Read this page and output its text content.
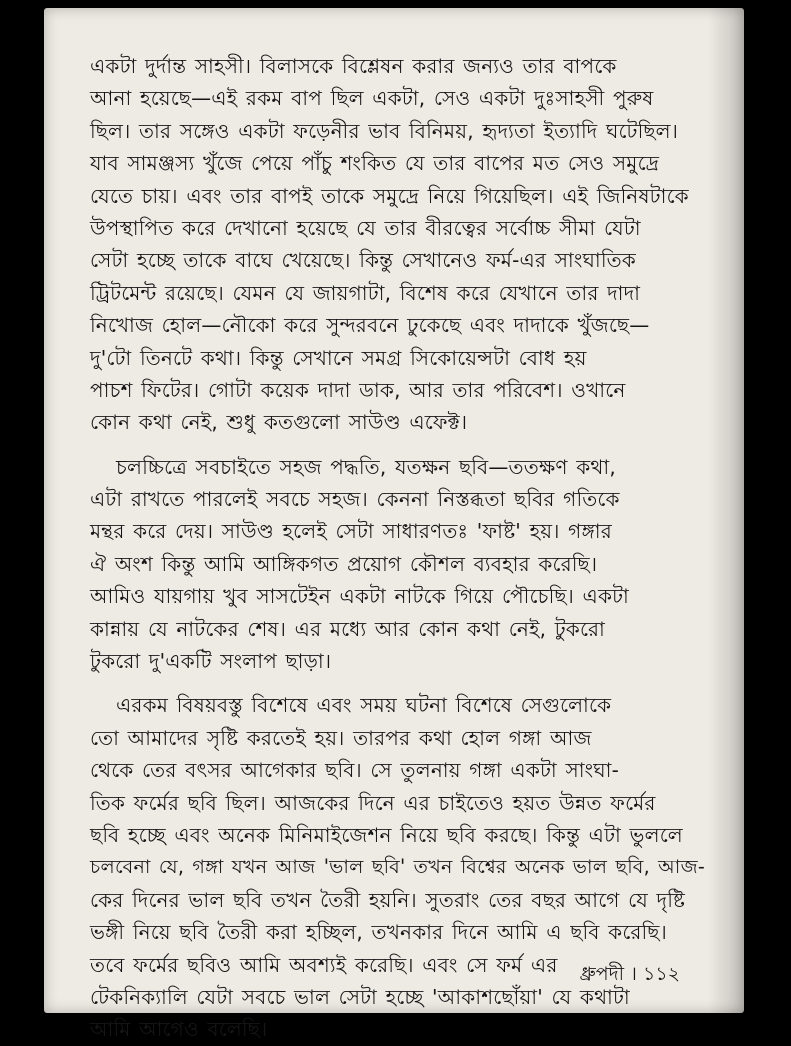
একটা দুর্দান্ত সাহসী। বিলাসকে বিশ্লেষন করার জন্যও তার বাপকে
আনা হয়েছে—এই রকম বাপ ছিল একটা, সেও একটা দুঃসাহসী পুরুষ
ছিল। তার সঙ্গেও একটা ফড়েনীর ভাব বিনিময়, হৃদ্যতা ইত্যাদি ঘটেছিল।
যাব সামঞ্জস্য খুঁজে পেয়ে পাঁচু শংকিত যে তার বাপের মত সেও সমুদ্রে
যেতে চায়। এবং তার বাপই তাকে সমুদ্রে নিয়ে গিয়েছিল। এই জিনিষটাকে
উপস্থাপিত করে দেখানো হয়েছে যে তার বীরত্বের সর্বোচ্চ সীমা যেটা
সেটা হচ্ছে তাকে বাঘে খেয়েছে। কিন্তু সেখানেও ফর্ম-এর সাংঘাতিক
ট্রিটমেন্ট রয়েছে। যেমন যে জায়গাটা, বিশেষ করে যেখানে তার দাদা
নিখোজ হোল—নৌকো করে সুন্দরবনে ঢুকেছে এবং দাদাকে খুঁজছে—
দু'টো তিনটে কথা। কিন্তু সেখানে সমগ্র সিকোয়েন্সটা বোধ হয়
পাচশ ফিটের। গোটা কয়েক দাদা ডাক, আর তার পরিবেশ। ওখানে
কোন কথা নেই, শুধু কতগুলো সাউণ্ড এফেক্ট।
চলচ্চিত্রে সবচাইতে সহজ পদ্ধতি, যতক্ষন ছবি—ততক্ষণ কথা,
এটা রাখতে পারলেই সবচে সহজ। কেননা নিস্তব্ধতা ছবির গতিকে
মন্থর করে দেয়। সাউণ্ড হলেই সেটা সাধারণতঃ 'ফাষ্ট' হয়। গঙ্গার
ঐ অংশ কিন্তু আমি আঙ্গিকগত প্রয়োগ কৌশল ব্যবহার করেছি।
আমিও যায়গায় খুব সাসটেইন একটা নাটকে গিয়ে পৌচেছি। একটা
কান্নায় যে নাটকের শেষ। এর মধ্যে আর কোন কথা নেই, টুকরো
টুকরো দু'একটি সংলাপ ছাড়া।
এরকম বিষয়বস্তু বিশেষে এবং সময় ঘটনা বিশেষে সেগুলোকে
তো আমাদের সৃষ্টি করতেই হয়। তারপর কথা হোল গঙ্গা আজ
থেকে তের বৎসর আগেকার ছবি। সে তুলনায় গঙ্গা একটা সাংঘা-
তিক ফর্মের ছবি ছিল। আজকের দিনে এর চাইতেও হয়ত উন্নত ফর্মের
ছবি হচ্ছে এবং অনেক মিনিমাইজেশন নিয়ে ছবি করছে। কিন্তু এটা ভুললে
চলবেনা যে, গঙ্গা যখন আজ 'ভাল ছবি' তখন বিশ্বের অনেক ভাল ছবি, আজ-
কের দিনের ভাল ছবি তখন তৈরী হয়নি। সুতরাং তের বছর আগে যে দৃষ্টি
ভঙ্গী নিয়ে ছবি তৈরী করা হচ্ছিল, তখনকার দিনে আমি এ ছবি করেছি।
তবে ফর্মের ছবিও আমি অবশ্যই করেছি। এবং সে ফর্ম এর
টেকনিক্যালি যেটা সবচে ভাল সেটা হচ্ছে 'আকাশছোঁয়া' যে কথাটা
আমি আগেও বলেছি।
ধ্রুপদী । ১১২
